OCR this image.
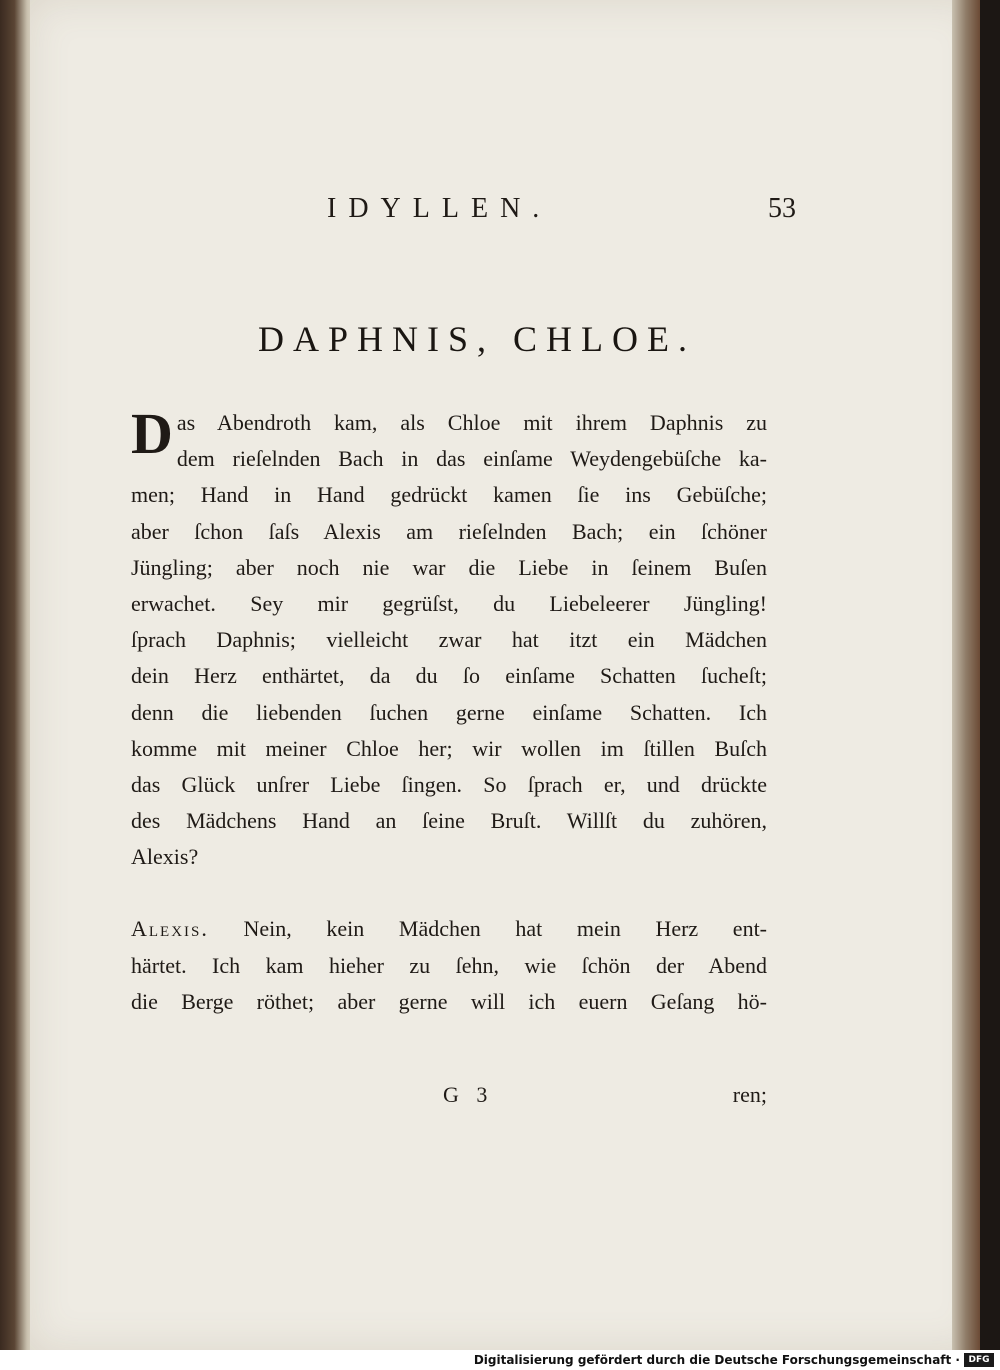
IDYLLEN.	53
DAPHNIS, CHLOE.
D as Abendroth kam, als Chloe mit ihrem Daphnis zu
dem rieſelnden Bach in das einſame Weydengebüſche ka-
men; Hand in Hand gedrückt kamen ſie ins Gebüſche;
aber ſchon ſaſs Alexis am rieſelnden Bach; ein ſchöner
Jüngling; aber noch nie war die Liebe in ſeinem Buſen
erwachet. Sey mir gegrüſst, du Liebeleerer Jüngling!
ſprach Daphnis; vielleicht zwar hat itzt ein Mädchen
dein Herz enthärtet, da du ſo einſame Schatten ſucheſt;
denn die liebenden ſuchen gerne einſame Schatten. Ich
komme mit meiner Chloe her; wir wollen im ſtillen Buſch
das Glück unſrer Liebe ſingen. So ſprach er, und drückte
des Mädchens Hand an ſeine Bruſt. Willſt du zuhören,
Alexis?
Alexis. Nein, kein Mädchen hat mein Herz ent-
härtet. Ich kam hieher zu ſehn, wie ſchön der Abend
die Berge röthet; aber gerne will ich euern Geſang hö-
G 3	ren;
Digitalisierung gefördert durch die Deutsche Forschungsgemeinschaft · DFG
